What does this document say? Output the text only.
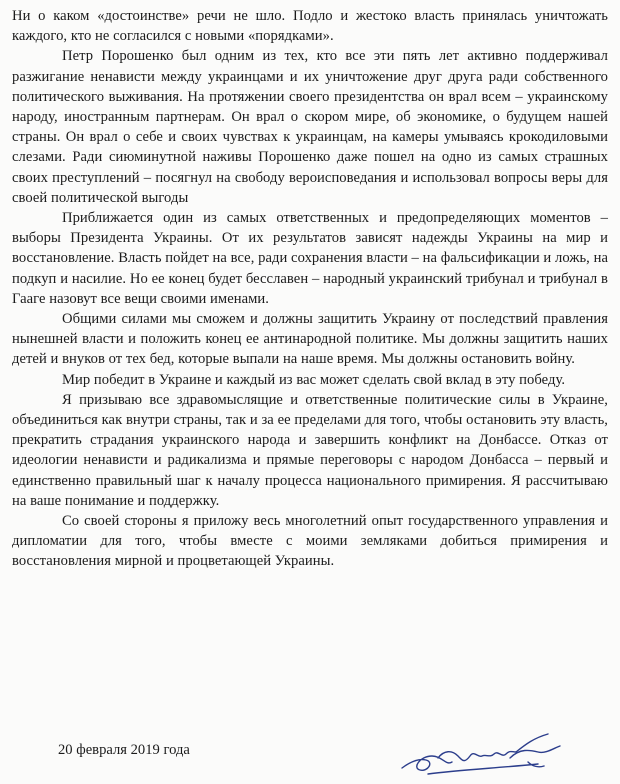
Ни о каком «достоинстве» речи не шло. Подло и жестоко власть принялась уничтожать каждого, кто не согласился с новыми «порядками».

Петр Порошенко был одним из тех, кто все эти пять лет активно поддерживал разжигание ненависти между украинцами и их уничтожение друг друга ради собственного политического выживания. На протяжении своего президентства он врал всем – украинскому народу, иностранным партнерам. Он врал о скором мире, об экономике, о будущем нашей страны. Он врал о себе и своих чувствах к украинцам, на камеры умываясь крокодиловыми слезами. Ради сиюминутной наживы Порошенко даже пошел на одно из самых страшных своих преступлений – посягнул на свободу вероисповедания и использовал вопросы веры для своей политической выгоды

Приближается один из самых ответственных и предопределяющих моментов – выборы Президента Украины. От их результатов зависят надежды Украины на мир и восстановление. Власть пойдет на все, ради сохранения власти – на фальсификации и ложь, на подкуп и насилие. Но ее конец будет бесславен – народный украинский трибунал и трибунал в Гааге назовут все вещи своими именами.

Общими силами мы сможем и должны защитить Украину от последствий правления нынешней власти и положить конец ее антинародной политике. Мы должны защитить наших детей и внуков от тех бед, которые выпали на наше время. Мы должны остановить войну.

Мир победит в Украине и каждый из вас может сделать свой вклад в эту победу.

Я призываю все здравомыслящие и ответственные политические силы в Украине, объединиться как внутри страны, так и за ее пределами для того, чтобы остановить эту власть, прекратить страдания украинского народа и завершить конфликт на Донбассе. Отказ от идеологии ненависти и радикализма и прямые переговоры с народом Донбасса – первый и единственно правильный шаг к началу процесса национального примирения. Я рассчитываю на ваше понимание и поддержку.

Со своей стороны я приложу весь многолетний опыт государственного управления и дипломатии для того, чтобы вместе с моими земляками добиться примирения и восстановления мирной и процветающей Украины.

20 февраля 2019 года
